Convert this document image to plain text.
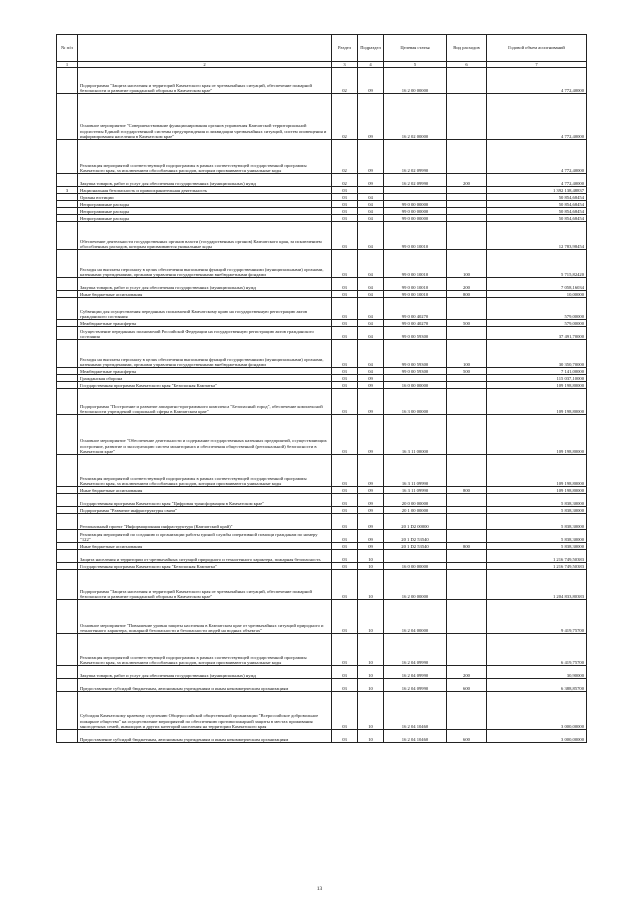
№ п/п		Раздел	Подраздел	Целевая статья	Вид расходов	Годовой объем ассигнований
1	2	3	4	5	6	7
	Подпрограмма "Защита населения и территорий Камчатского края от чрезвычайных ситуаций, обеспечение пожарной безопасности и развитие гражданской обороны в Камчатском крае"	02	09	16 2 00 00000		4 772,40000
	Основное мероприятие "Совершенствование функционирования органов управления Камчатской территориальной подсистемы Единой государственной системы предупреждения и ликвидации чрезвычайных ситуаций, систем оповещения и информирования населения в Камчатском крае"	02	09	16 2 02 00000		4 772,40000
	Реализация мероприятий соответствующей подпрограммы в рамках соответствующей государственной программы Камчатского края, за исключением обособленных расходов, которым присваиваются уникальные коды	02	09	16 2 02 09990		4 772,40000
	Закупка товаров, работ и услуг для обеспечения государственных (муниципальных) нужд	02	09	16 2 02 09990	200	4 772,40000
3	Национальная безопасность и правоохранительная деятельность	03				1 392 138,48837
	Органы юстиции	03	04			50 854,68454
	Непрограммные расходы	03	04	99 0 00 00000		50 854,68454
	Непрограммные расходы	03	04	99 0 00 00000		50 854,68454
	Непрограммные расходы	03	04	99 0 00 00000		50 854,68454
	Обеспечение деятельности государственных органов власти (государственных органов) Камчатского края, за исключением обособленных расходов, которым присваиваются уникальные коды	03	04	99 0 00 10010		12 783,98454
	Расходы на выплаты персоналу в целях обеспечения выполнения функций государственными (муниципальными) органами, казенными учреждениями, органами управления государственными внебюджетными фондами	03	04	99 0 00 10010	100	5 715,82420
	Закупка товаров, работ и услуг для обеспечения государственных (муниципальных) нужд	03	04	99 0 00 10010	200	7 058,16034
	Иные бюджетные ассигнования	03	04	99 0 00 10010	800	10,00000
	Субвенции для осуществления переданных полномочий Камчатскому краю на государственную регистрацию актов гражданского состояния	03	04	99 0 00 40270		579,00000
	Межбюджетные трансферты	03	04	99 0 00 40270	500	579,00000
	Осуществление переданных полномочий Российской Федерации на государственную регистрацию актов гражданского состояния	03	04	99 0 00 59300		37 491,70000
	Расходы на выплаты персоналу в целях обеспечения выполнения функций государственными (муниципальными) органами, казенными учреждениями, органами управления государственными внебюджетными фондами	03	04	99 0 00 59300	100	30 350,70000
	Межбюджетные трансферты	03	04	99 0 00 59300	500	7 141,00000
	Гражданская оборона	03	09			115 037,10000
	Государственная программа Камчатского края "Безопасная Камчатка"	03	09	16 0 00 00000		109 198,80000
	Подпрограмма "Построение и развитие аппаратно-программного комплекса "Безопасный город", обеспечение комплексной безопасности учреждений социальной сферы в Камчатском крае"	03	09	16 3 00 00000		109 198,80000
	Основное мероприятие "Обеспечение деятельности и содержание государственных казенных предприятий, осуществляющих построение, развитие и эксплуатацию систем мониторинга и обеспечения общественной (региональной) безопасности в Камчатском крае"	03	09	16 3 11 00000		109 198,80000
	Реализация мероприятий соответствующей подпрограммы в рамках соответствующей государственной программы Камчатского края, за исключением обособленных расходов, которым присваиваются уникальные коды	03	09	16 3 11 09990		109 198,80000
	Иные бюджетные ассигнования	03	09	16 3 11 09990	800	109 198,80000
	Государственная программа Камчатского края "Цифровая трансформация в Камчатском крае"	03	09	20 0 00 00000		5 838,30000
	Подпрограмма "Развитие инфраструктуры связи"	03	09	20 1 00 00000		5 838,30000
	Региональный проект "Информационная инфраструктура (Камчатский край)"	03	09	20 1 D2 00000		5 838,30000
	Реализация мероприятий по созданию и организации работы единой службы оперативной помощи гражданам по номеру "122"	03	09	20 1 D2 53540		5 838,30000
	Иные бюджетные ассигнования	03	09	20 1 D2 53540	800	5 838,30000
	Защита населения и территории от чрезвычайных ситуаций природного и техногенного характера, пожарная безопасность	03	10			1 216 749,50383
	Государственная программа Камчатского края "Безопасная Камчатка"	03	10	16 0 00 00000		1 216 749,50383
	Подпрограмма "Защита населения и территорий Камчатского края от чрезвычайных ситуаций, обеспечение пожарной безопасности и развитие гражданской обороны в Камчатском крае"	03	10	16 2 00 00000		1 204 833,80383
	Основное мероприятие "Повышение уровня защиты населения в Камчатском крае от чрезвычайных ситуаций природного и техногенного характера, пожарной безопасности и безопасности людей на водных объектах"	03	10	16 2 04 00000		9 419,75700
	Реализация мероприятий соответствующей подпрограммы в рамках соответствующей государственной программы Камчатского края, за исключением обособленных расходов, которым присваиваются уникальные коды	03	10	16 2 04 09990		6 419,75700
	Закупка товаров, работ и услуг для обеспечения государственных (муниципальных) нужд	03	10	16 2 04 09990	200	30,90000
	Предоставление субсидий бюджетным, автономным учреждениям и иным некоммерческим организациям	03	10	16 2 04 09990	600	6 388,85700
	Субсидия Камчатскому краевому отделению Общероссийской общественной организации "Всероссийское добровольное пожарное общество" на осуществление мероприятий по обеспечению противопожарной защиты в местах проживания многодетных семей, инвалидов и других категорий населения на территории Камчатского края	03	10	16 2 04 10460		3 000,00000
	Предоставление субсидий бюджетным, автономным учреждениям и иным некоммерческим организациям	03	10	16 2 04 10460	600	3 000,00000
13
